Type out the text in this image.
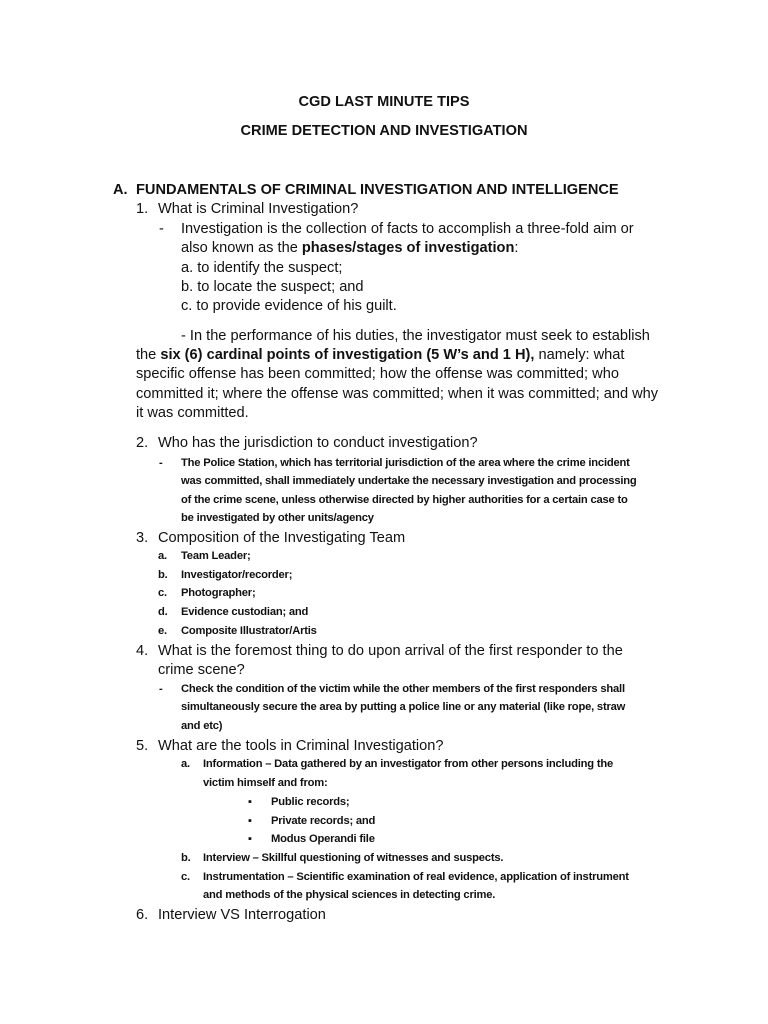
CGD LAST MINUTE TIPS
CRIME DETECTION AND INVESTIGATION
A. FUNDAMENTALS OF CRIMINAL INVESTIGATION AND INTELLIGENCE
1. What is Criminal Investigation?
- Investigation is the collection of facts to accomplish a three-fold aim or
also known as the phases/stages of investigation:
a. to identify the suspect;
b. to locate the suspect; and
c. to provide evidence of his guilt.
- In the performance of his duties, the investigator must seek to establish
the six (6) cardinal points of investigation (5 W’s and 1 H), namely: what
specific offense has been committed; how the offense was committed; who
committed it; where the offense was committed; when it was committed; and why
it was committed.
2. Who has the jurisdiction to conduct investigation?
- The Police Station, which has territorial jurisdiction of the area where the crime incident
was committed, shall immediately undertake the necessary investigation and processing
of the crime scene, unless otherwise directed by higher authorities for a certain case to
be investigated by other units/agency
3. Composition of the Investigating Team
a. Team Leader;
b. Investigator/recorder;
c. Photographer;
d. Evidence custodian; and
e. Composite Illustrator/Artis
4. What is the foremost thing to do upon arrival of the first responder to the
crime scene?
- Check the condition of the victim while the other members of the first responders shall
simultaneously secure the area by putting a police line or any material (like rope, straw
and etc)
5. What are the tools in Criminal Investigation?
a. Information – Data gathered by an investigator from other persons including the
victim himself and from:
▪ Public records;
▪ Private records; and
▪ Modus Operandi file
b. Interview – Skillful questioning of witnesses and suspects.
c. Instrumentation – Scientific examination of real evidence, application of instrument
and methods of the physical sciences in detecting crime.
6. Interview VS Interrogation
